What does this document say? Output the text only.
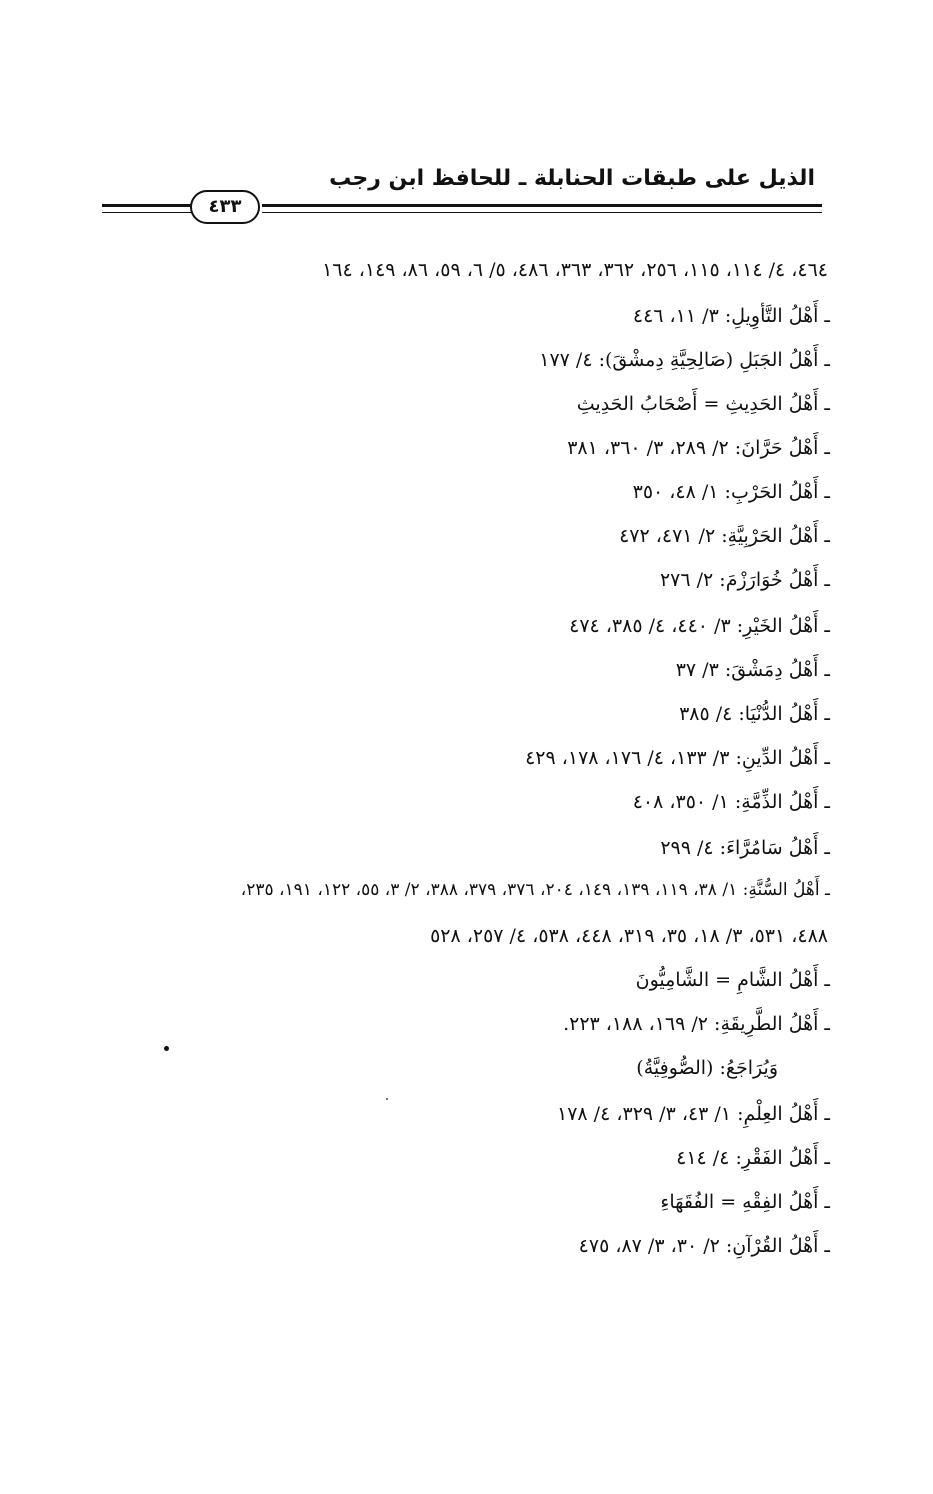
الذيل على طبقات الحنابلة ـ للحافظ ابن رجب
٤٣٣
٤٦٤، ٤/ ١١٤، ١١٥، ٢٥٦، ٣٦٢، ٣٦٣، ٤٨٦، ٥/ ٦، ٥٩، ٨٦، ١٤٩، ١٦٤
ـ أَهْلُ التَّأوِيلِ: ٣/ ١١، ٤٤٦
ـ أَهْلُ الجَبَلِ (صَالِحِيَّةِ دِمشْقَ): ٤/ ١٧٧
ـ أَهْلُ الحَدِيثِ = أَصْحَابُ الحَدِيثِ
ـ أَهْلُ حَرَّانَ: ٢/ ٢٨٩، ٣/ ٣٦٠، ٣٨١
ـ أَهْلُ الحَرْبِ: ١/ ٤٨، ٣٥٠
ـ أَهْلُ الحَرْبِيَّةِ: ٢/ ٤٧١، ٤٧٢
ـ أَهْلُ خُوَارَزْمَ: ٢/ ٢٧٦
ـ أَهْلُ الخَيْرِ: ٣/ ٤٤٠، ٤/ ٣٨٥، ٤٧٤
ـ أَهْلُ دِمَشْقَ: ٣/ ٣٧
ـ أَهْلُ الدُّنْيَا: ٤/ ٣٨٥
ـ أَهْلُ الدِّينِ: ٣/ ١٣٣، ٤/ ١٧٦، ١٧٨، ٤٢٩
ـ أَهْلُ الذِّمَّةِ: ١/ ٣٥٠، ٤٠٨
ـ أَهْلُ سَامُرَّاءَ: ٤/ ٢٩٩
ـ أَهْلُ السُّنَّةِ: ١/ ٣٨، ١١٩، ١٣٩، ١٤٩، ٢٠٤، ٣٧٦، ٣٧٩، ٣٨٨، ٢/ ٣، ٥٥، ١٢٢، ١٩١، ٢٣٥،
٤٨٨، ٥٣١، ٣/ ١٨، ٣٥، ٣١٩، ٤٤٨، ٥٣٨، ٤/ ٢٥٧، ٥٢٨
ـ أَهْلُ الشَّامِ = الشَّامِيُّونَ
ـ أَهْلُ الطَّرِيقَةِ: ٢/ ١٦٩، ١٨٨، ٢٢٣.
وَيُرَاجَعُ: (الصُّوفِيَّةُ)
ـ أَهْلُ العِلْمِ: ١/ ٤٣، ٣/ ٣٢٩، ٤/ ١٧٨
ـ أَهْلُ الفَقْرِ: ٤/ ٤١٤
ـ أَهْلُ الفِقْهِ = الفُقَهَاءِ
ـ أَهْلُ القُرْآنِ: ٢/ ٣٠، ٣/ ٨٧، ٤٧٥
